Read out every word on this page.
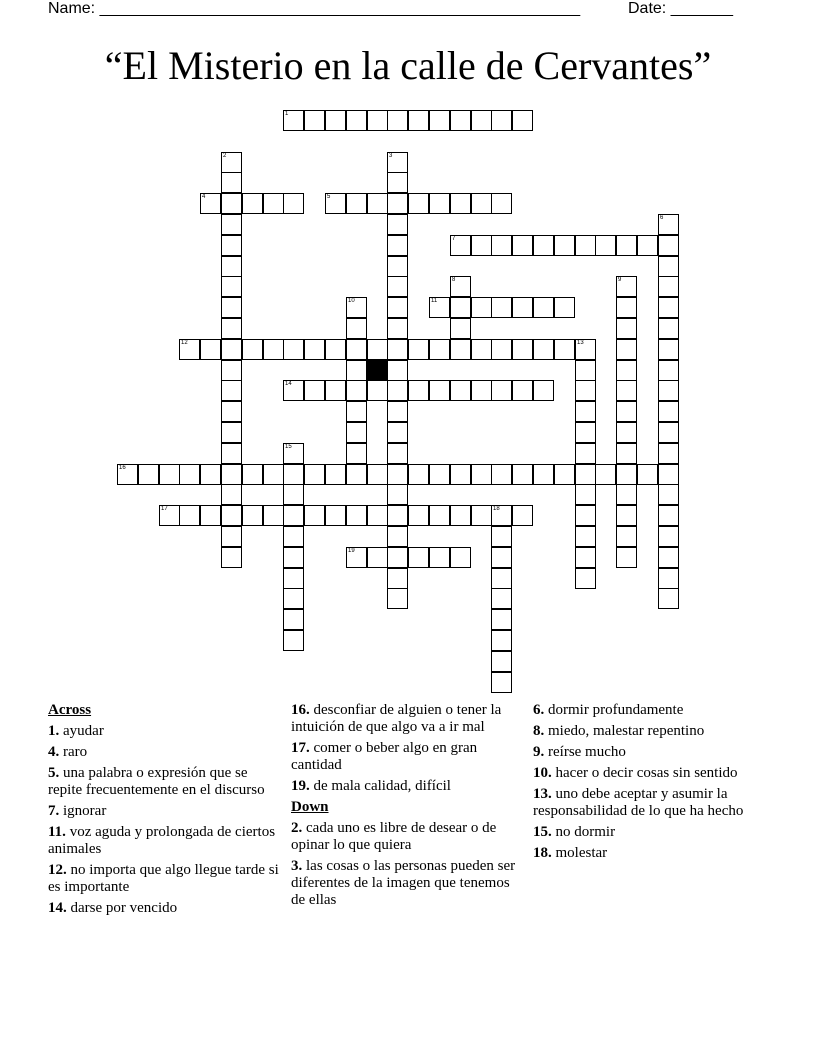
Name: ______________________________________________________	Date: _______
“El Misterio en la calle de Cervantes”
1
2	3
4	5
6
7
8	9
10	11
12	13
14
15
16
17	18
19
Across
1. ayudar
4. raro
5. una palabra o expresión que se repite frecuentemente en el discurso
7. ignorar
11. voz aguda y prolongada de ciertos animales
12. no importa que algo llegue tarde si es importante
14. darse por vencido
16. desconfiar de alguien o tener la intuición de que algo va a ir mal
17. comer o beber algo en gran cantidad
19. de mala calidad, difícil
Down
2. cada uno es libre de desear o de opinar lo que quiera
3. las cosas o las personas pueden ser diferentes de la imagen que tenemos de ellas
6. dormir profundamente
8. miedo, malestar repentino
9. reírse mucho
10. hacer o decir cosas sin sentido
13. uno debe aceptar y asumir la responsabilidad de lo que ha hecho
15. no dormir
18. molestar
